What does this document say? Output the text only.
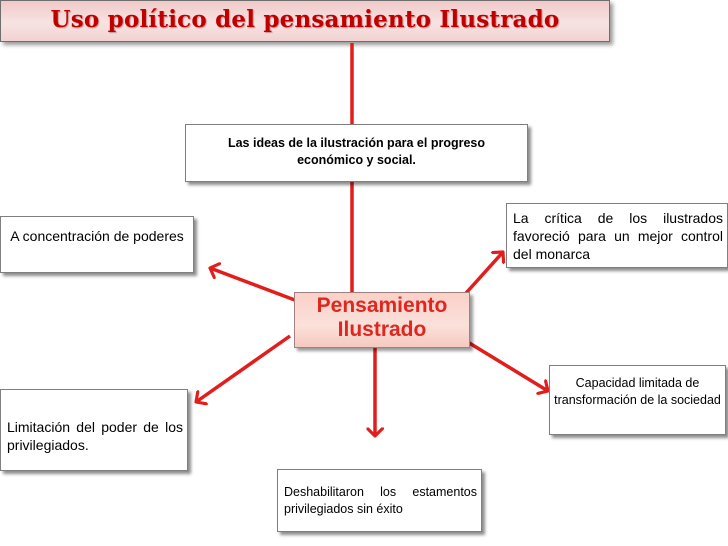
Uso político del pensamiento Ilustrado
Las ideas de la ilustración para el progreso
económico y social.
A concentración de poderes
La crítica de los ilustrados favoreció para un mejor control del monarca
Limitación del poder de los privilegiados.
Capacidad limitada de transformación de la sociedad
Deshabilitaron los estamentos privilegiados sin éxito
Pensamiento
Ilustrado
